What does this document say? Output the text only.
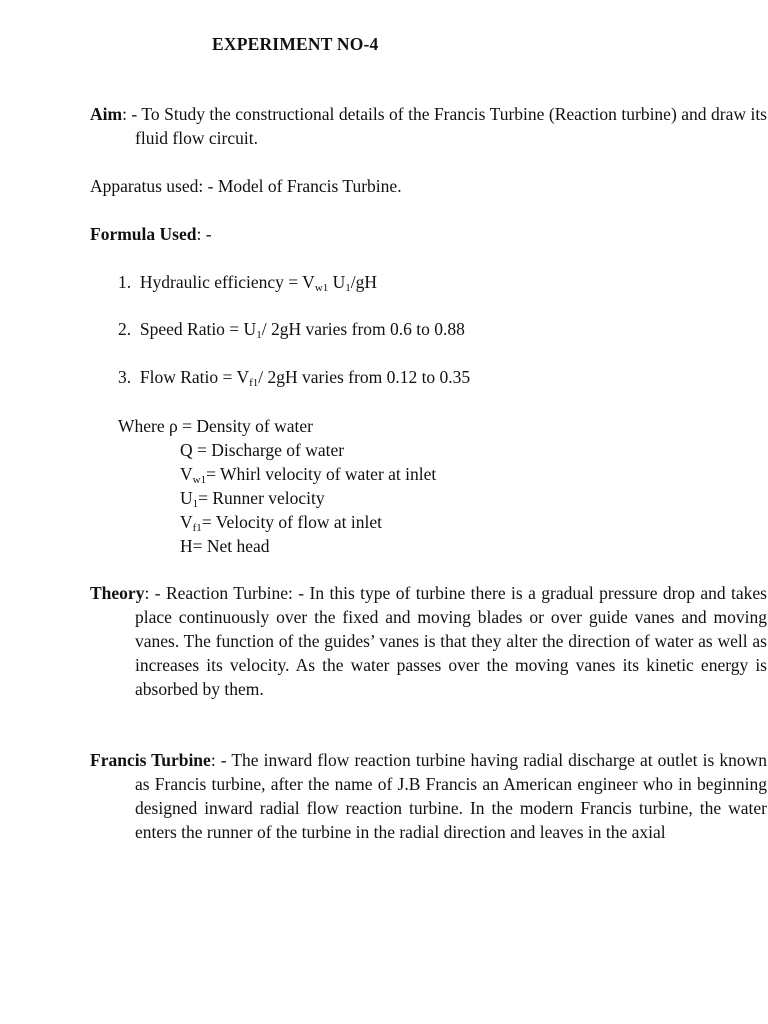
EXPERIMENT NO-4
Aim: - To Study the constructional details of the Francis Turbine (Reaction turbine) and draw its fluid flow circuit.
Apparatus used: - Model of Francis Turbine.
Formula Used: -
1. Hydraulic efficiency = $V_{w1}$ $U_1/gH$
2. Speed Ratio = $U_1/$ 2gH varies from 0.6 to 0.88
3. Flow Ratio = $V_{f1}/$ 2gH varies from 0.12 to 0.35
Where ρ = Density of water
Q = Discharge of water
$V_{w1}=$ Whirl velocity of water at inlet
$U_1=$ Runner velocity
$V_{f1}=$ Velocity of flow at inlet
H= Net head
Theory: - Reaction Turbine: - In this type of turbine there is a gradual pressure drop and takes place continuously over the fixed and moving blades or over guide vanes and moving vanes. The function of the guides’ vanes is that they alter the direction of water as well as increases its velocity. As the water passes over the moving vanes its kinetic energy is absorbed by them.
Francis Turbine: - The inward flow reaction turbine having radial discharge at outlet is known as Francis turbine, after the name of J.B Francis an American engineer who in beginning designed inward radial flow reaction turbine. In the modern Francis turbine, the water enters the runner of the turbine in the radial direction and leaves in the axial
